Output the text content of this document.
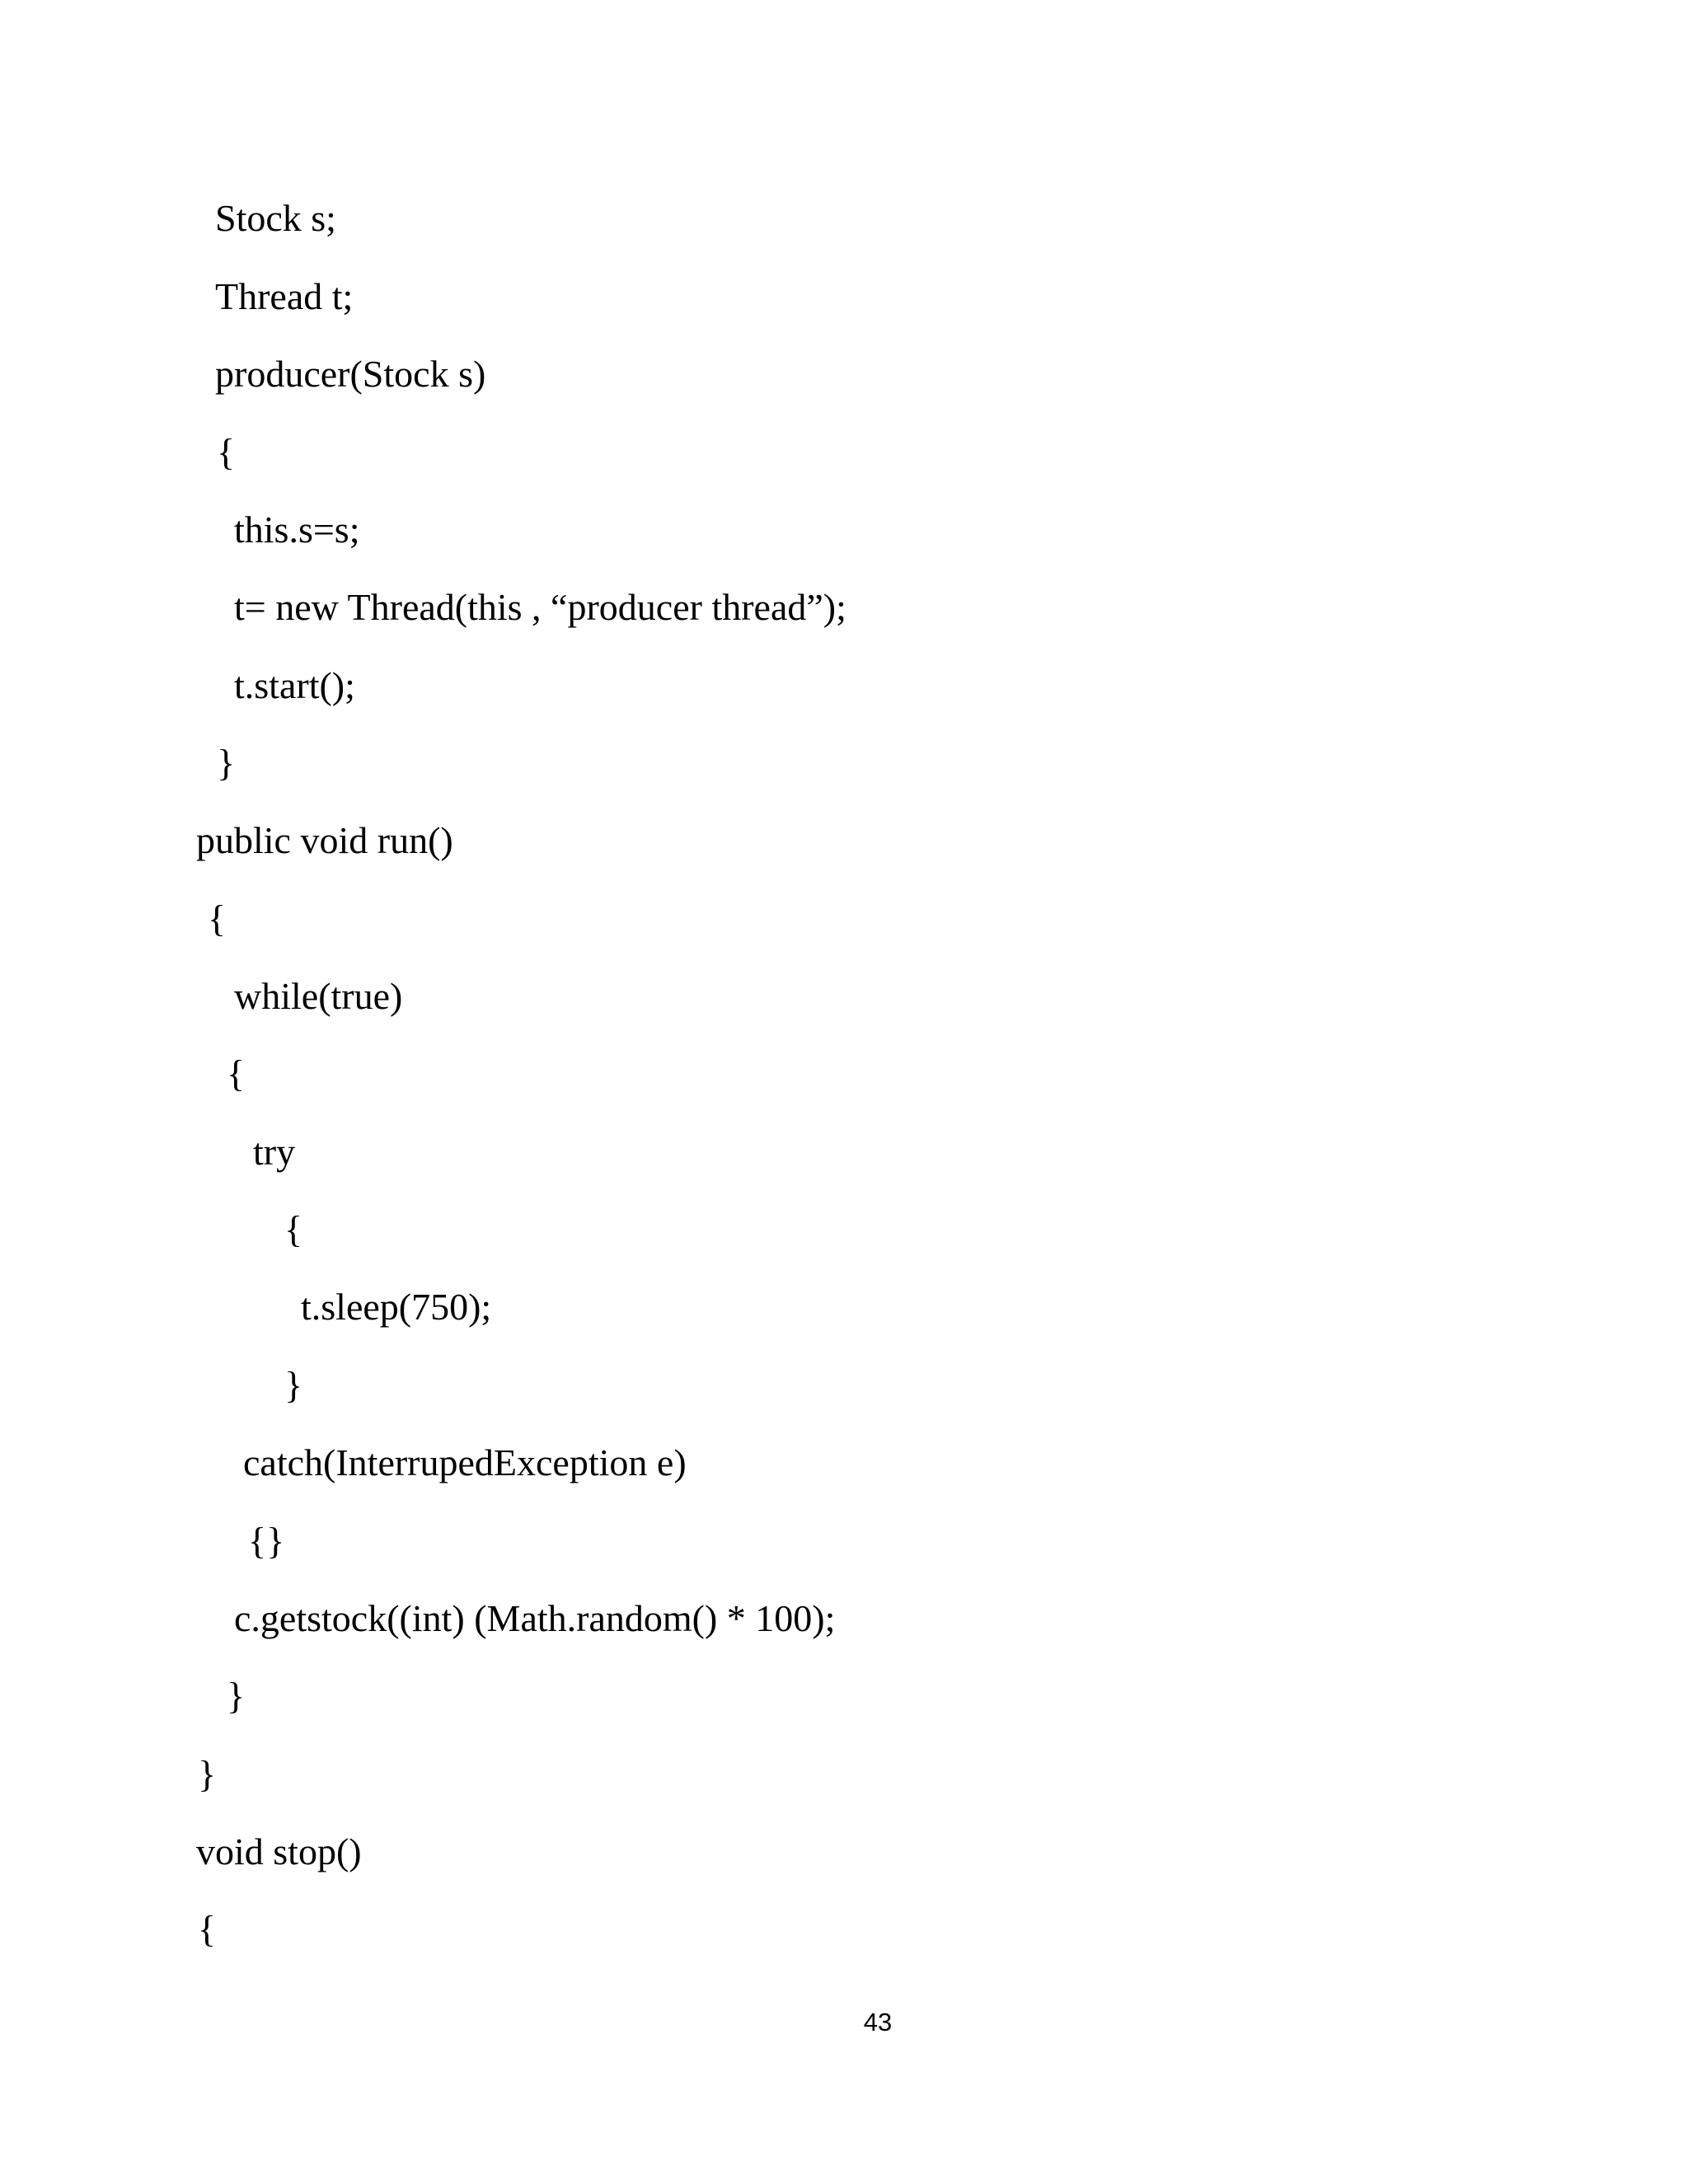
Stock s;

Thread t;

producer(Stock s)

{

this.s=s;

t= new Thread(this , “producer thread”);

t.start();

}

public void run()

{

while(true)

{

try

{

t.sleep(750);

}

catch(InterrupedException e)

{}

c.getstock((int) (Math.random() * 100);

}

}

void stop()

{

43
